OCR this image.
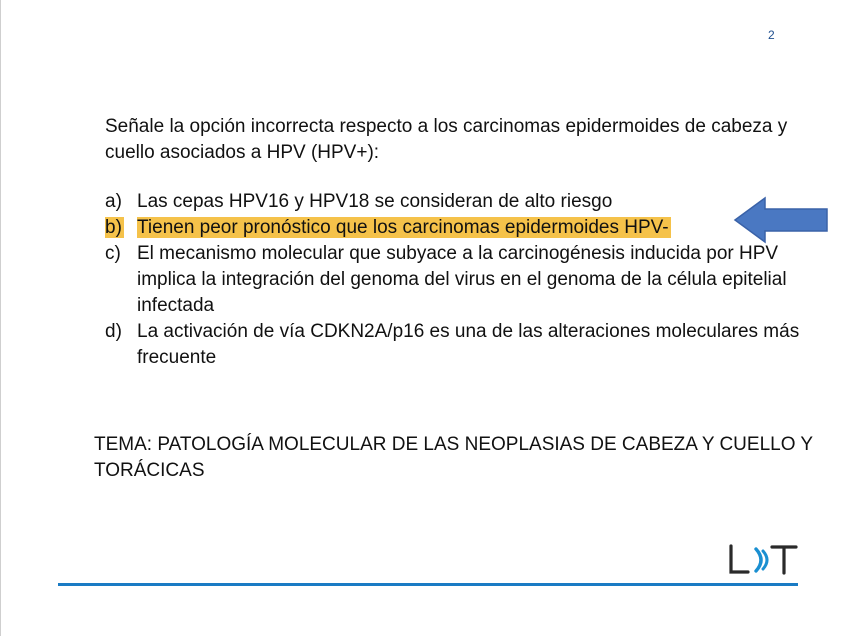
2
Señale la opción incorrecta respecto a los carcinomas epidermoides de cabeza y cuello asociados a HPV (HPV+):
a) Las cepas HPV16 y HPV18 se consideran de alto riesgo
b) Tienen peor pronóstico que los carcinomas epidermoides HPV-
c) El mecanismo molecular que subyace a la carcinogénesis inducida por HPV implica la integración del genoma del virus en el genoma de la célula epitelial infectada
d) La activación de vía CDKN2A/p16 es una de las alteraciones moleculares más frecuente
TEMA: PATOLOGÍA MOLECULAR DE LAS NEOPLASIAS DE CABEZA Y CUELLO Y TORÁCICAS
